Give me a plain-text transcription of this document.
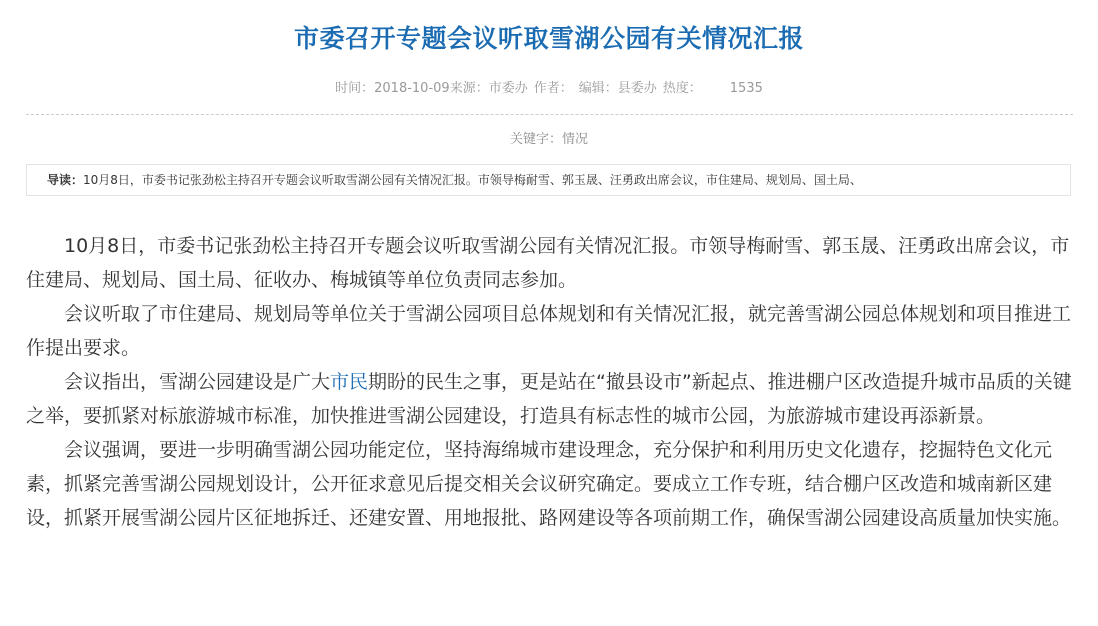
市委召开专题会议听取雪湖公园有关情况汇报
时间：2018-10-09来源：市委办 作者： 编辑：县委办 热度： 1535
关键字：情况
导读：10月8日，市委书记张劲松主持召开专题会议听取雪湖公园有关情况汇报。市领导梅耐雪、郭玉晟、汪勇政出席会议，市住建局、规划局、国土局、

10月8日，市委书记张劲松主持召开专题会议听取雪湖公园有关情况汇报。市领导梅耐雪、郭玉晟、汪勇政出席会议，市住建局、规划局、国土局、征收办、梅城镇等单位负责同志参加。

会议听取了市住建局、规划局等单位关于雪湖公园项目总体规划和有关情况汇报，就完善雪湖公园总体规划和项目推进工作提出要求。

会议指出，雪湖公园建设是广大市民期盼的民生之事，更是站在“撤县设市”新起点、推进棚户区改造提升城市品质的关键之举，要抓紧对标旅游城市标准，加快推进雪湖公园建设，打造具有标志性的城市公园，为旅游城市建设再添新景。

会议强调，要进一步明确雪湖公园功能定位，坚持海绵城市建设理念，充分保护和利用历史文化遗存，挖掘特色文化元素，抓紧完善雪湖公园规划设计，公开征求意见后提交相关会议研究确定。要成立工作专班，结合棚户区改造和城南新区建设，抓紧开展雪湖公园片区征地拆迁、还建安置、用地报批、路网建设等各项前期工作，确保雪湖公园建设高质量加快实施。
